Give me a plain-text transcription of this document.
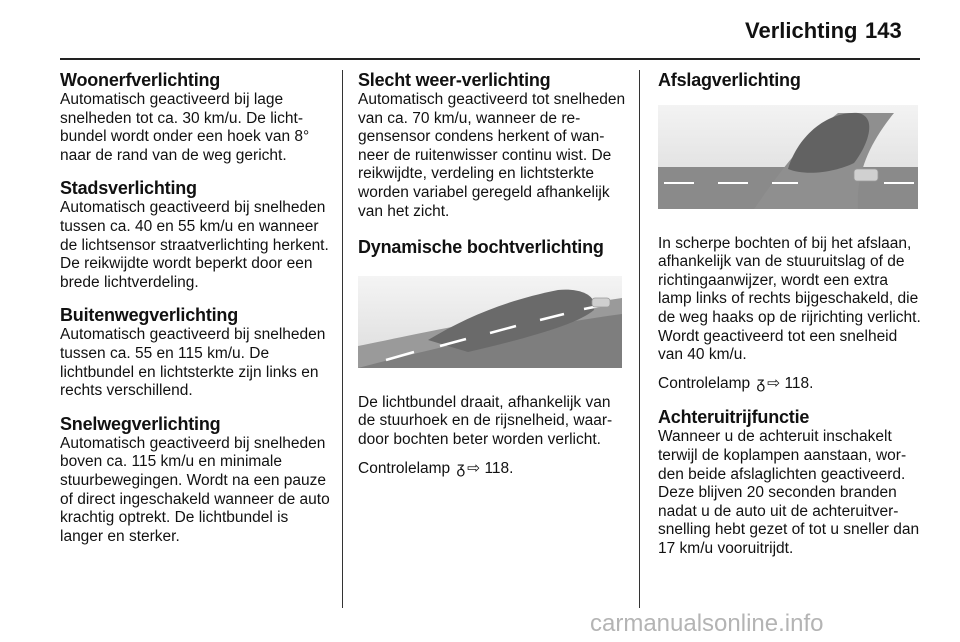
Verlichting 143
Woonerfverlichting

Automatisch geactiveerd bij lage snelheden tot ca. 30 km/u. De lichtbundel wordt onder een hoek van 8° naar de rand van de weg gericht.

Stadsverlichting

Automatisch geactiveerd bij snelheden tussen ca. 40 en 55 km/u en wanneer de lichtsensor straatverlichting herkent. De reikwijdte wordt beperkt door een brede lichtverdeling.

Buitenwegverlichting

Automatisch geactiveerd bij snelheden tussen ca. 55 en 115 km/u. De lichtbundel en lichtsterkte zijn links en rechts verschillend.

Snelwegverlichting

Automatisch geactiveerd bij snelheden boven ca. 115 km/u en minimale stuurbewegingen. Wordt na een pauze of direct ingeschakeld wanneer de auto krachtig optrekt. De lichtbundel is langer en sterker.

Slecht weer-verlichting

Automatisch geactiveerd tot snelheden van ca. 70 km/u, wanneer de regensensor condens herkent of wanneer de ruitenwisser continu wist. De reikwijdte, verdeling en lichtsterkte worden variabel geregeld afhankelijk van het zicht.

Dynamische bochtverlichting

De lichtbundel draait, afhankelijk van de stuurhoek en de rijsnelheid, waardoor bochten beter worden verlicht.

Controlelamp ᵹ ⇨ 118.

Afslagverlichting

In scherpe bochten of bij het afslaan, afhankelijk van de stuuruitslag of de richtingaanwijzer, wordt een extra lamp links of rechts bijgeschakeld, die de weg haaks op de rijrichting verlicht. Wordt geactiveerd tot een snelheid van 40 km/u.

Controlelamp ᵹ ⇨ 118.

Achteruitrijfunctie

Wanneer u de achteruit inschakelt terwijl de koplampen aanstaan, worden beide afslaglichten geactiveerd. Deze blijven 20 seconden branden nadat u de auto uit de achteruitversnelling hebt gezet of tot u sneller dan 17 km/u vooruitrijdt.

carmanualsonline.info
